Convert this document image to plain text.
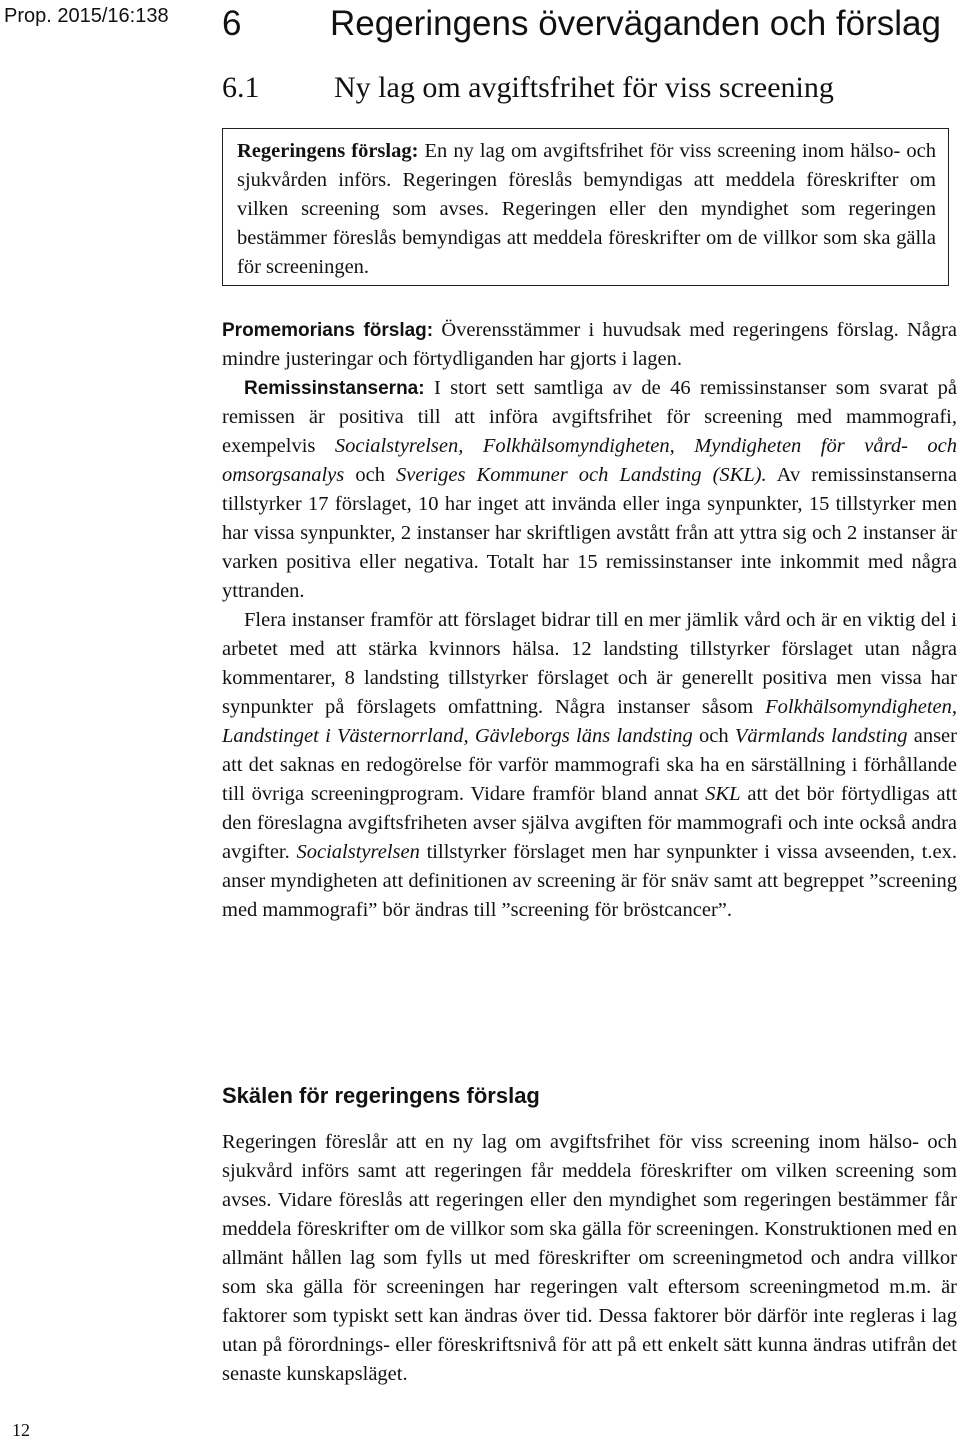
Prop. 2015/16:138	6	Regeringens överväganden och förslag
6.1 Ny lag om avgiftsfrihet för viss screening
Regeringens förslag: En ny lag om avgiftsfrihet för viss screening inom hälso- och sjukvården införs. Regeringen föreslås bemyndigas att meddela föreskrifter om vilken screening som avses. Regeringen eller den myndighet som regeringen bestämmer föreslås bemyndigas att meddela föreskrifter om de villkor som ska gälla för screeningen.

Promemorians förslag: Överensstämmer i huvudsak med regeringens förslag. Några mindre justeringar och förtydliganden har gjorts i lagen.

Remissinstanserna: I stort sett samtliga av de 46 remissinstanser som svarat på remissen är positiva till att införa avgiftsfrihet för screening med mammografi, exempelvis Socialstyrelsen, Folkhälsomyndigheten, Myndigheten för vård- och omsorgsanalys och Sveriges Kommuner och Landsting (SKL). Av remissinstanserna tillstyrker 17 förslaget, 10 har inget att invända eller inga synpunkter, 15 tillstyrker men har vissa synpunkter, 2 instanser har skriftligen avstått från att yttra sig och 2 instanser är varken positiva eller negativa. Totalt har 15 remissinstanser inte inkommit med några yttranden.

Flera instanser framför att förslaget bidrar till en mer jämlik vård och är en viktig del i arbetet med att stärka kvinnors hälsa. 12 landsting tillstyrker förslaget utan några kommentarer, 8 landsting tillstyrker förslaget och är generellt positiva men vissa har synpunkter på förslagets omfattning. Några instanser såsom Folkhälsomyndigheten, Landstinget i Västernorrland, Gävleborgs läns landsting och Värmlands landsting anser att det saknas en redogörelse för varför mammografi ska ha en särställning i förhållande till övriga screeningprogram. Vidare framför bland annat SKL att det bör förtydligas att den föreslagna avgiftsfriheten avser själva avgiften för mammografi och inte också andra avgifter. Socialstyrelsen tillstyrker förslaget men har synpunkter i vissa avseenden, t.ex. anser myndigheten att definitionen av screening är för snäv samt att begreppet ”screening med mammografi” bör ändras till ”screening för bröstcancer”.

Skälen för regeringens förslag

Regeringen föreslår att en ny lag om avgiftsfrihet för viss screening inom hälso- och sjukvård införs samt att regeringen får meddela föreskrifter om vilken screening som avses. Vidare föreslås att regeringen eller den myndighet som regeringen bestämmer får meddela föreskrifter om de villkor som ska gälla för screeningen. Konstruktionen med en allmänt hållen lag som fylls ut med föreskrifter om screeningmetod och andra villkor som ska gälla för screeningen har regeringen valt eftersom screeningmetod m.m. är faktorer som typiskt sett kan ändras över tid. Dessa faktorer bör därför inte regleras i lag utan på förordnings- eller föreskriftsnivå för att på ett enkelt sätt kunna ändras utifrån det senaste kunskapsläget.

12
